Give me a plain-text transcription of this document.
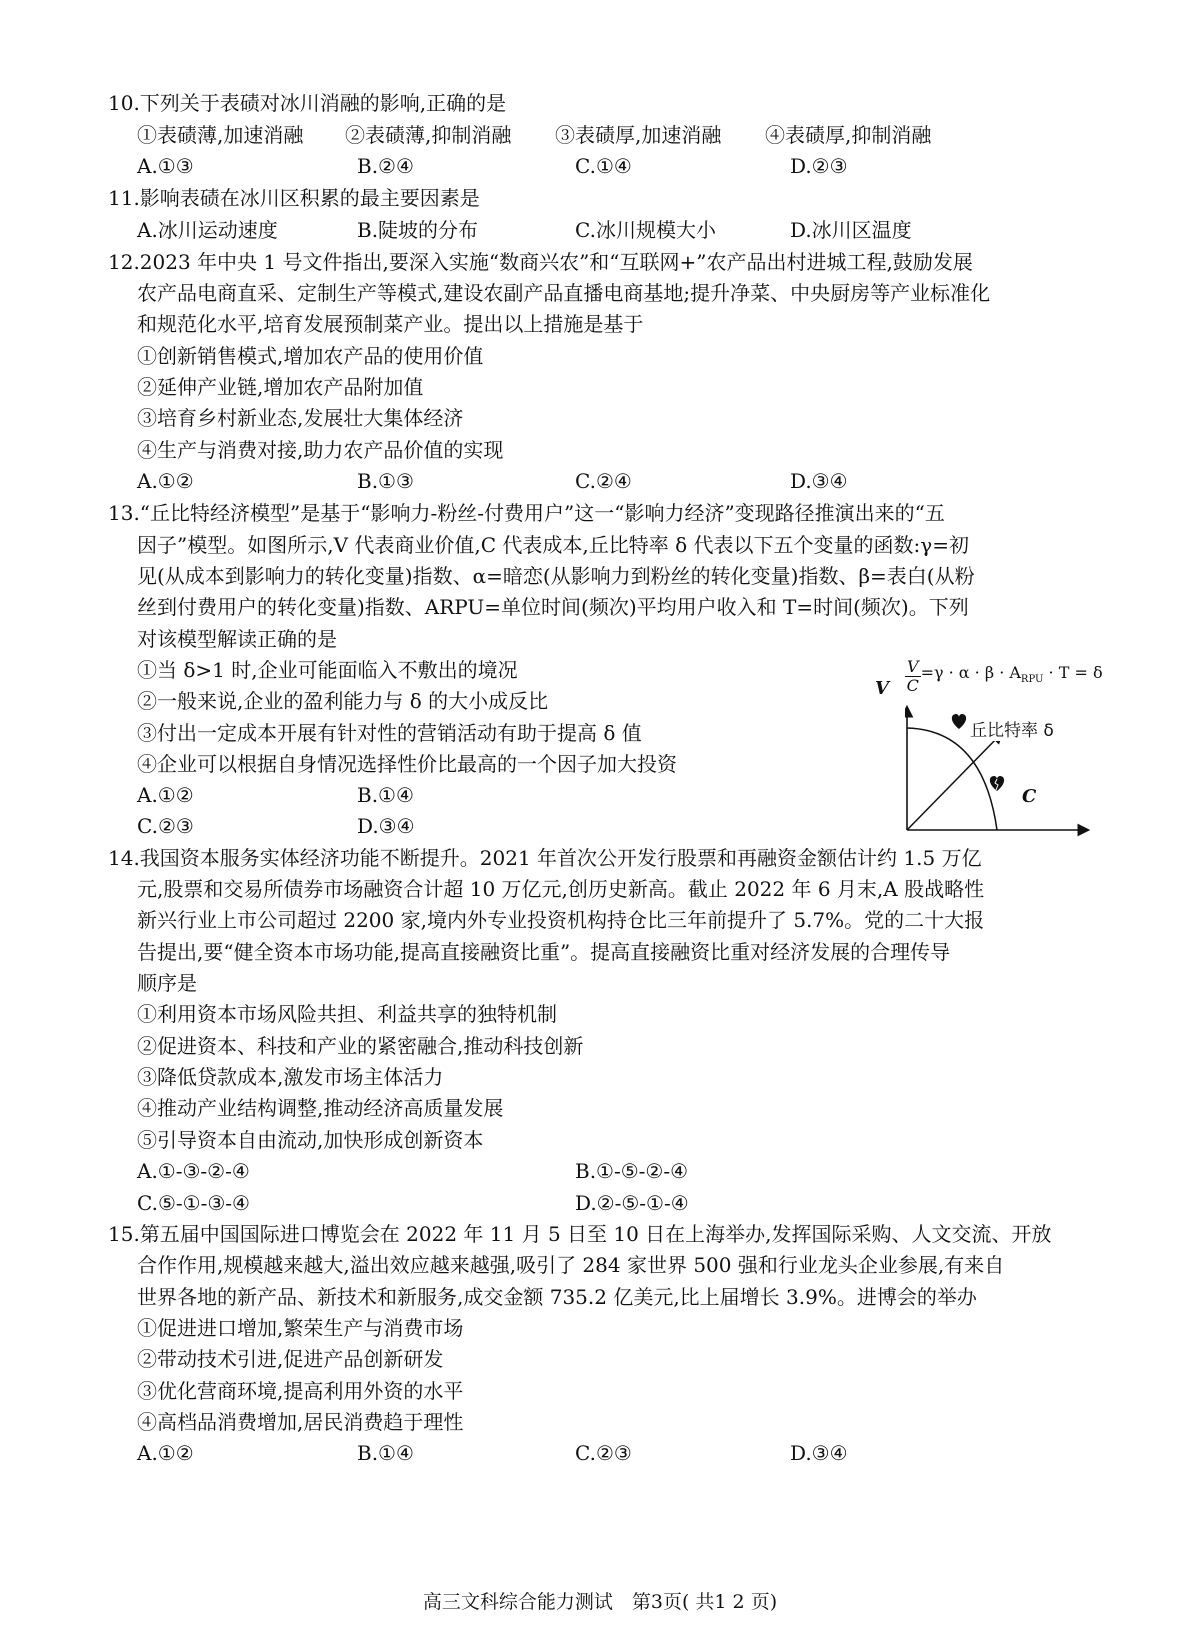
10.下列关于表碛对冰川消融的影响,正确的是
①表碛薄,加速消融 ②表碛薄,抑制消融 ③表碛厚,加速消融 ④表碛厚,抑制消融
A.①③	B.②④	C.①④	D.②③
11.影响表碛在冰川区积累的最主要因素是
A.冰川运动速度	B.陡坡的分布	C.冰川规模大小	D.冰川区温度
12.2023 年中央 1 号文件指出,要深入实施“数商兴农”和“互联网+”农产品出村进城工程,鼓励发展
农产品电商直采、定制生产等模式,建设农副产品直播电商基地;提升净菜、中央厨房等产业标准化
和规范化水平,培育发展预制菜产业。提出以上措施是基于
①创新销售模式,增加农产品的使用价值
②延伸产业链,增加农产品附加值
③培育乡村新业态,发展壮大集体经济
④生产与消费对接,助力农产品价值的实现
A.①②	B.①③	C.②④	D.③④
13.“丘比特经济模型”是基于“影响力-粉丝-付费用户”这一“影响力经济”变现路径推演出来的“五
因子”模型。如图所示,V 代表商业价值,C 代表成本,丘比特率 δ 代表以下五个变量的函数:γ=初
见(从成本到影响力的转化变量)指数、α=暗恋(从影响力到粉丝的转化变量)指数、β=表白(从粉
丝到付费用户的转化变量)指数、ARPU=单位时间(频次)平均用户收入和 T=时间(频次)。下列
对该模型解读正确的是
①当 δ>1 时,企业可能面临入不敷出的境况
②一般来说,企业的盈利能力与 δ 的大小成反比
③付出一定成本开展有针对性的营销活动有助于提高 δ 值
④企业可以根据自身情况选择性价比最高的一个因子加大投资
A.①②	B.①④
C.②③	D.③④
$\frac{V}{C} =\gamma \cdot \alpha \cdot \beta \cdot A_{RPU} \cdot T = \delta$
V
C
丘比特率 δ
14.我国资本服务实体经济功能不断提升。2021 年首次公开发行股票和再融资金额估计约 1.5 万亿
元,股票和交易所债券市场融资合计超 10 万亿元,创历史新高。截止 2022 年 6 月末,A 股战略性
新兴行业上市公司超过 2200 家,境内外专业投资机构持仓比三年前提升了 5.7%。党的二十大报
告提出,要“健全资本市场功能,提高直接融资比重”。提高直接融资比重对经济发展的合理传导
顺序是
①利用资本市场风险共担、利益共享的独特机制
②促进资本、科技和产业的紧密融合,推动科技创新
③降低贷款成本,激发市场主体活力
④推动产业结构调整,推动经济高质量发展
⑤引导资本自由流动,加快形成创新资本
A.①-③-②-④	B.①-⑤-②-④
C.⑤-①-③-④	D.②-⑤-①-④
15.第五届中国国际进口博览会在 2022 年 11 月 5 日至 10 日在上海举办,发挥国际采购、人文交流、开放
合作作用,规模越来越大,溢出效应越来越强,吸引了 284 家世界 500 强和行业龙头企业参展,有来自
世界各地的新产品、新技术和新服务,成交金额 735.2 亿美元,比上届增长 3.9%。进博会的举办
①促进进口增加,繁荣生产与消费市场
②带动技术引进,促进产品创新研发
③优化营商环境,提高利用外资的水平
④高档品消费增加,居民消费趋于理性
A.①②	B.①④	C.②③	D.③④
高三文科综合能力测试　第3页( 共1 2 页)
